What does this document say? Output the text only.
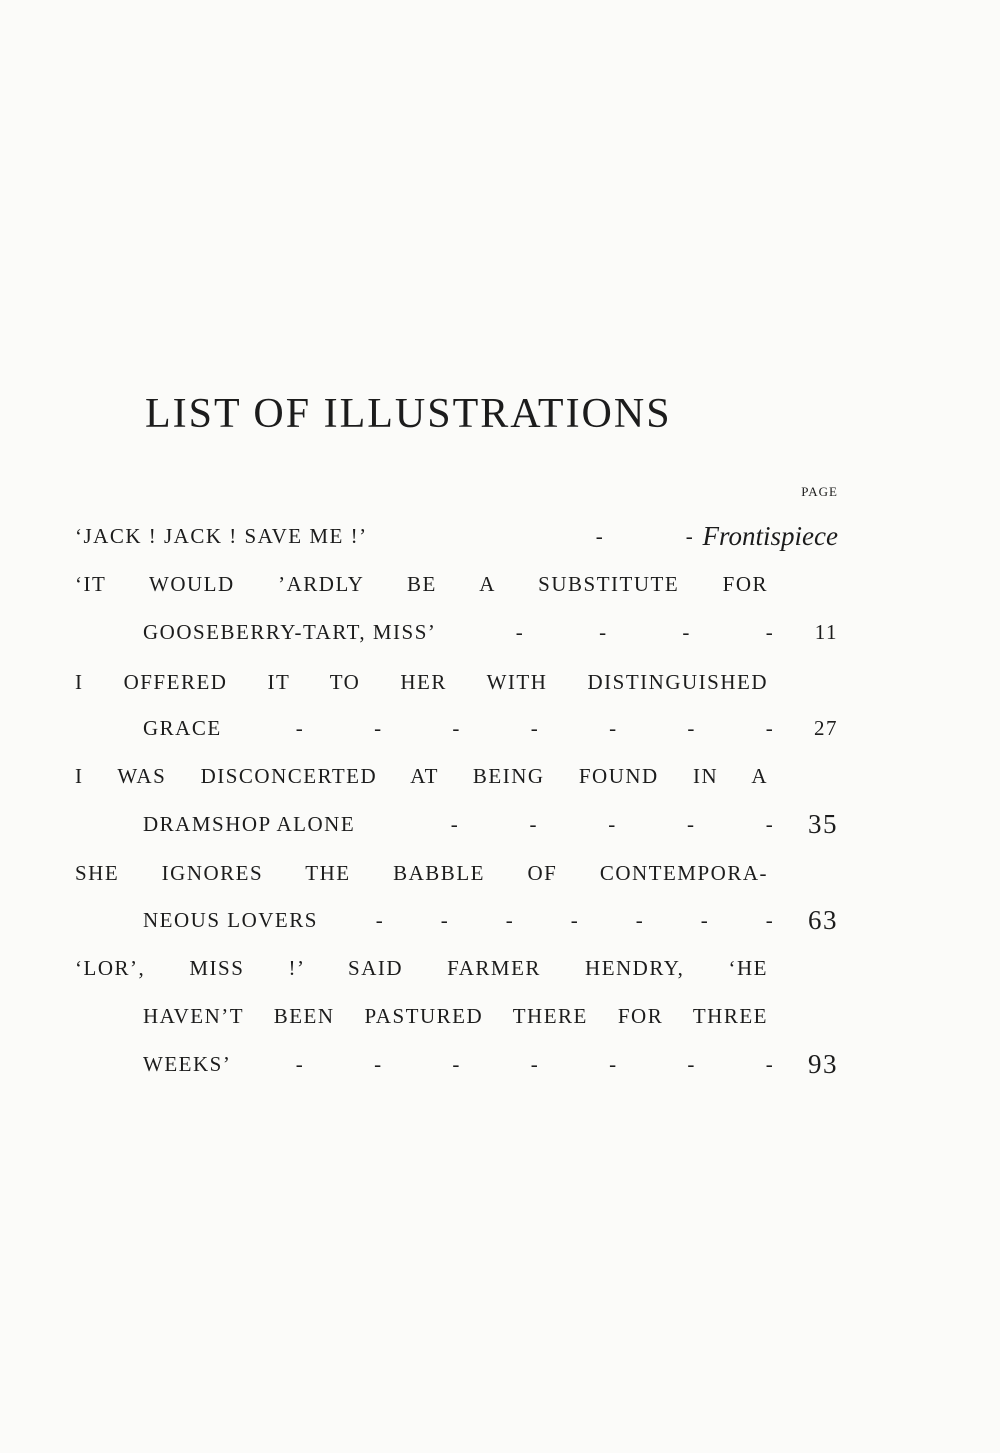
LIST OF ILLUSTRATIONS
PAGE
‘JACK ! JACK ! SAVE ME !’	-	- Frontispiece
‘IT WOULD ’ARDLY BE A SUBSTITUTE FOR
GOOSEBERRY-TART, MISS’	-	-	-	-	11
I OFFERED IT TO HER WITH DISTINGUISHED
GRACE	-	-	-	-	-	-	-	27
I WAS DISCONCERTED AT BEING FOUND IN A
DRAMSHOP ALONE	-	-	-	-	-	35
SHE IGNORES THE BABBLE OF CONTEMPORA-
NEOUS LOVERS	-	-	-	-	-	-	-	63
‘LOR’, MISS !’ SAID FARMER HENDRY, ‘HE
HAVEN’T BEEN PASTURED THERE FOR THREE
WEEKS’	-	-	-	-	-	-	-	93
